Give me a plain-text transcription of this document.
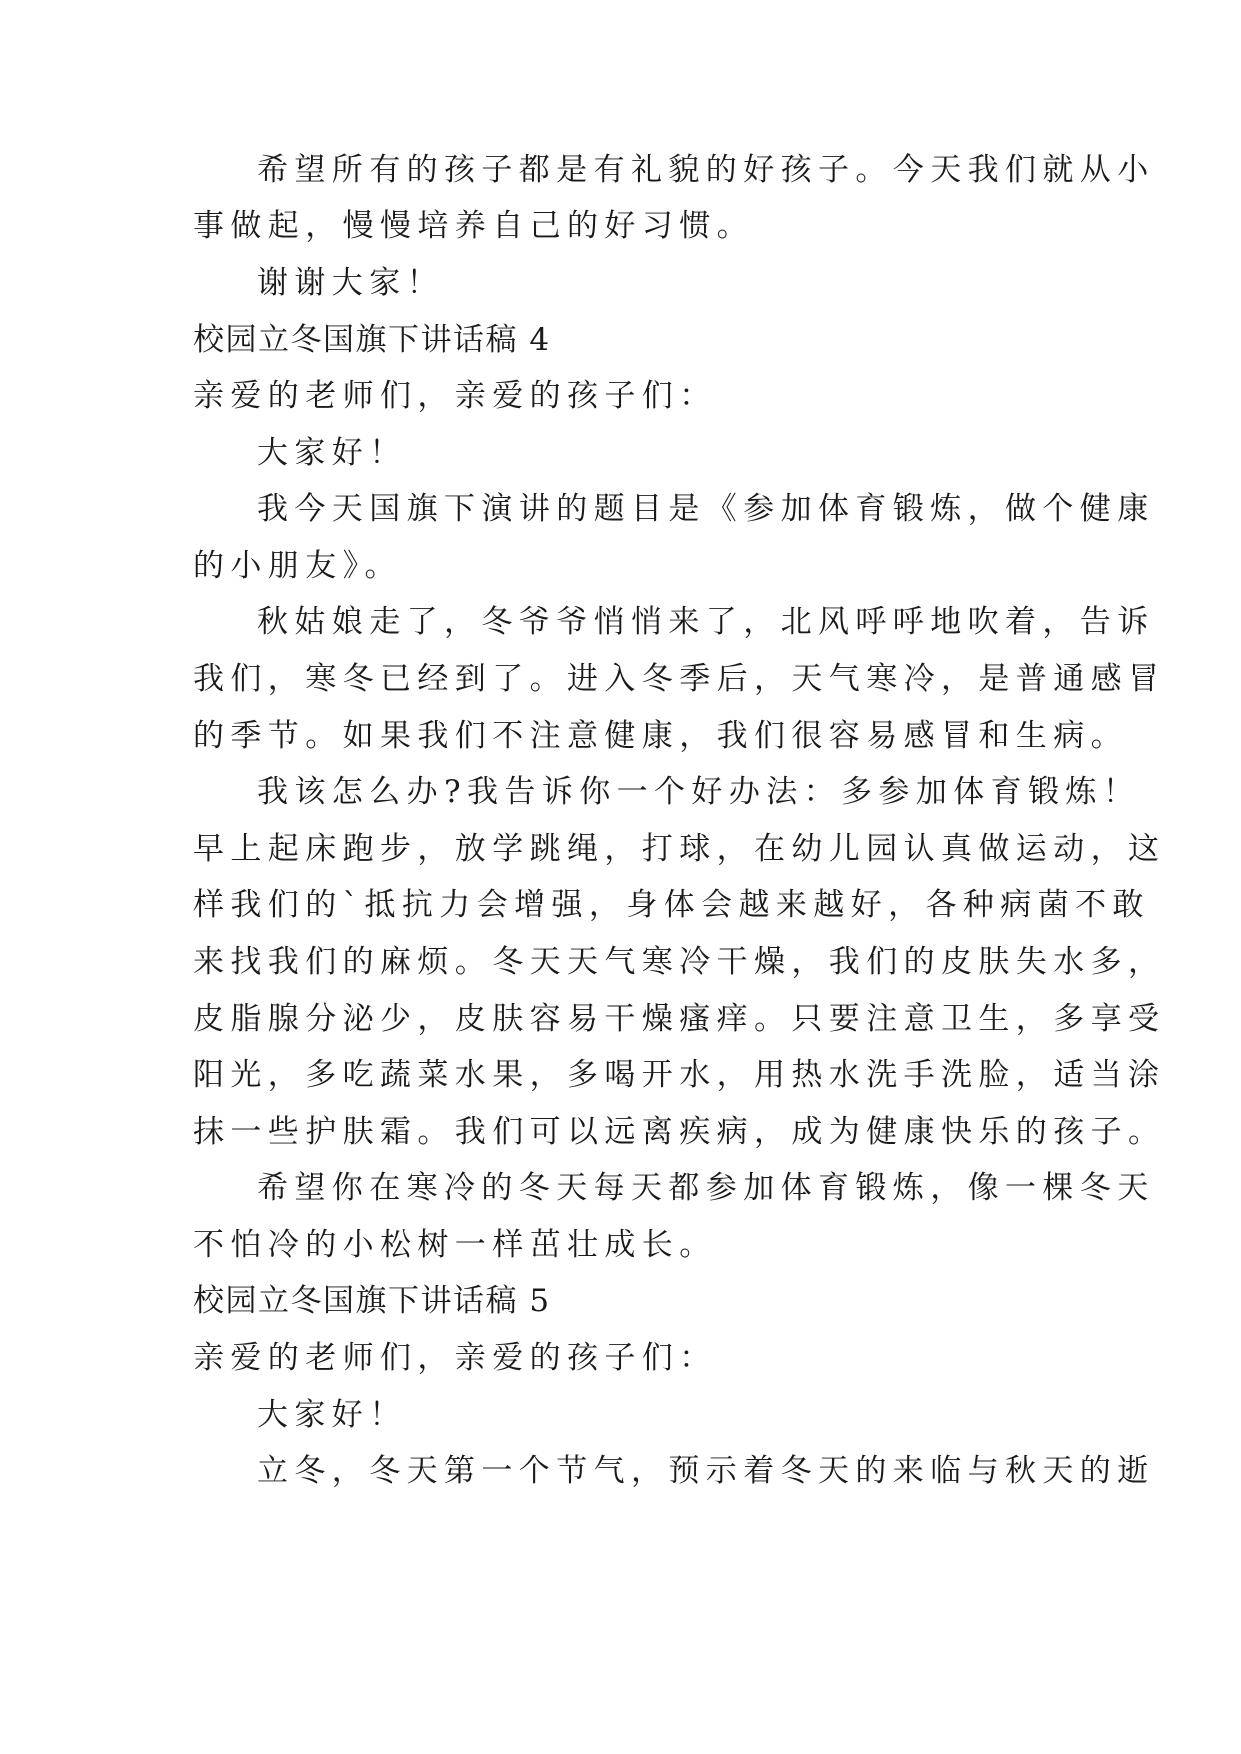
希望所有的孩子都是有礼貌的好孩子。今天我们就从小
事做起，慢慢培养自己的好习惯。
谢谢大家！
校园立冬国旗下讲话稿 4
亲爱的老师们，亲爱的孩子们：
大家好！
我今天国旗下演讲的题目是《参加体育锻炼，做个健康
的小朋友》。
秋姑娘走了，冬爷爷悄悄来了，北风呼呼地吹着，告诉
我们，寒冬已经到了。进入冬季后，天气寒冷，是普通感冒
的季节。如果我们不注意健康，我们很容易感冒和生病。
我该怎么办?我告诉你一个好办法：多参加体育锻炼！
早上起床跑步，放学跳绳，打球，在幼儿园认真做运动，这
样我们的`抵抗力会增强，身体会越来越好，各种病菌不敢
来找我们的麻烦。冬天天气寒冷干燥，我们的皮肤失水多，
皮脂腺分泌少，皮肤容易干燥瘙痒。只要注意卫生，多享受
阳光，多吃蔬菜水果，多喝开水，用热水洗手洗脸，适当涂
抹一些护肤霜。我们可以远离疾病，成为健康快乐的孩子。
希望你在寒冷的冬天每天都参加体育锻炼，像一棵冬天
不怕冷的小松树一样茁壮成长。
校园立冬国旗下讲话稿 5
亲爱的老师们，亲爱的孩子们：
大家好！
立冬，冬天第一个节气，预示着冬天的来临与秋天的逝
